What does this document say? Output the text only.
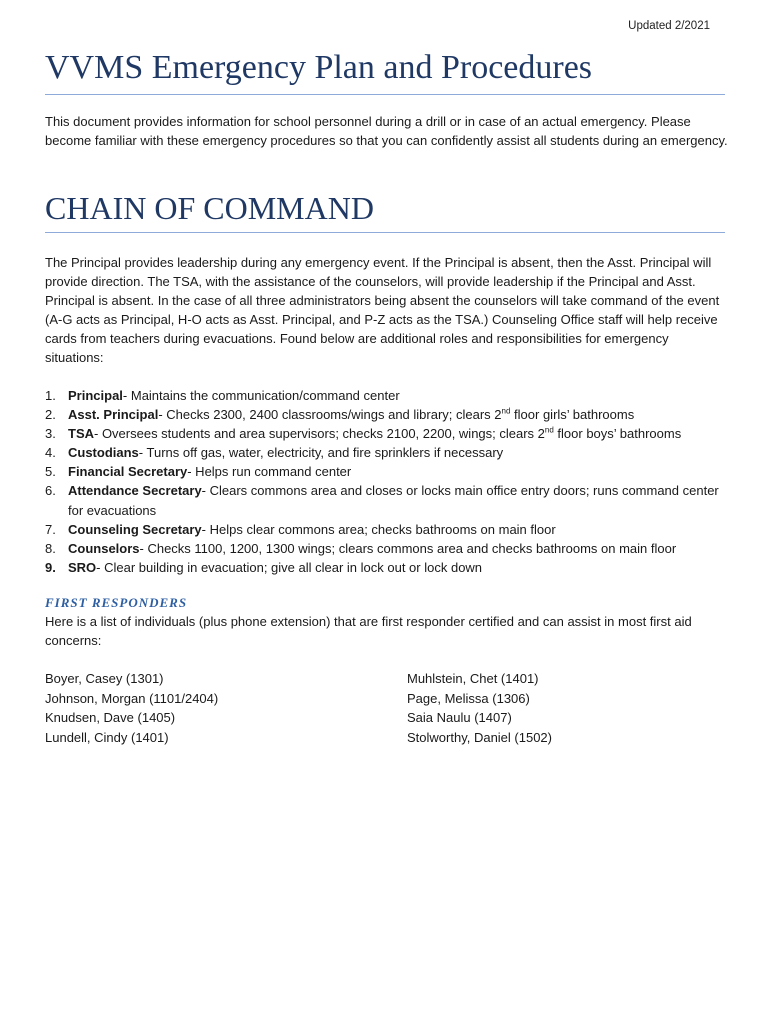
Updated 2/2021
VVMS Emergency Plan and Procedures

This document provides information for school personnel during a drill or in case of an actual emergency. Please become familiar with these emergency procedures so that you can confidently assist all students during an emergency.

CHAIN OF COMMAND

The Principal provides leadership during any emergency event. If the Principal is absent, then the Asst. Principal will provide direction. The TSA, with the assistance of the counselors, will provide leadership if the Principal and Asst. Principal is absent. In the case of all three administrators being absent the counselors will take command of the event (A-G acts as Principal, H-O acts as Asst. Principal, and P-Z acts as the TSA.) Counseling Office staff will help receive cards from teachers during evacuations. Found below are additional roles and responsibilities for emergency situations:

1. Principal- Maintains the communication/command center
2. Asst. Principal- Checks 2300, 2400 classrooms/wings and library; clears 2nd floor girls’ bathrooms
3. TSA- Oversees students and area supervisors; checks 2100, 2200, wings; clears 2nd floor boys’ bathrooms
4. Custodians- Turns off gas, water, electricity, and fire sprinklers if necessary
5. Financial Secretary- Helps run command center
6. Attendance Secretary- Clears commons area and closes or locks main office entry doors; runs command center for evacuations
7. Counseling Secretary- Helps clear commons area; checks bathrooms on main floor
8. Counselors- Checks 1100, 1200, 1300 wings; clears commons area and checks bathrooms on main floor
9. SRO- Clear building in evacuation; give all clear in lock out or lock down
FIRST RESPONDERS

Here is a list of individuals (plus phone extension) that are first responder certified and can assist in most first aid concerns:

Boyer, Casey (1301)
Johnson, Morgan (1101/2404)
Knudsen, Dave (1405)
Lundell, Cindy (1401)
Muhlstein, Chet (1401)
Page, Melissa (1306)
Saia Naulu (1407)
Stolworthy, Daniel (1502)
